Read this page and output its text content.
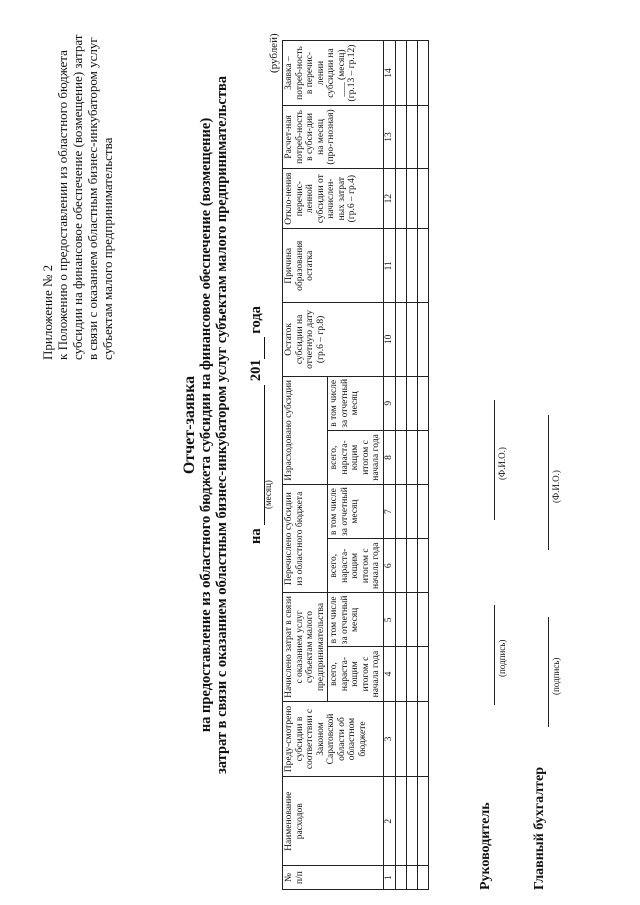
Приложение № 2 к Положению о предоставлении из областного бюджета субсидии на финансовое обеспечение (возмещение) затрат в связи с оказанием областным бизнес-инкубатором услуг субъектам малого предпринимательства
Отчет-заявка на предоставление из областного бюджета субсидии на финансовое обеспечение (возмещение) затрат в связи с оказанием областным бизнес-инкубатором услуг субъектам малого предпринимательства на  201 года
(месяц)
(рублей)
№ п/п	Наименование расходов	Преду-смотрено субсидии в соответствии с Законом Саратовской области об областном бюджете	Начислено затрат в связи с оказанием услуг субъектам малого предпринимательства		Перечислено субсидии из областного бюджета		Израсходовано субсидии		Остаток субсидии на отчетную дату (гр.6 – гр.8)	Причина образования остатка	Откло-нения перечис-ленной субсидии от начислен-ных затрат (гр.6 – гр.4)	Расчет-ная потреб-ность в субси-дии на месяц (про-гнозная)	Заявка – потреб-ность в перечис-лении субсидии на ___ (месяц) (гр.13 – гр.12)
			всего, нараста-ющим итогом с начала года	в том числе за отчетный месяц	всего, нараста-ющим итогом с начала года	в том числе за отчетный месяц	всего, нараста-ющим итогом с начала года	в том числе за отчетный месяц					
1	2	3	4	5	6	7	8	9	10	11	12	13	14

Руководитель
(подпись)
(Ф.И.О.)
Главный бухгалтер
(подпись)
(Ф.И.О.)
